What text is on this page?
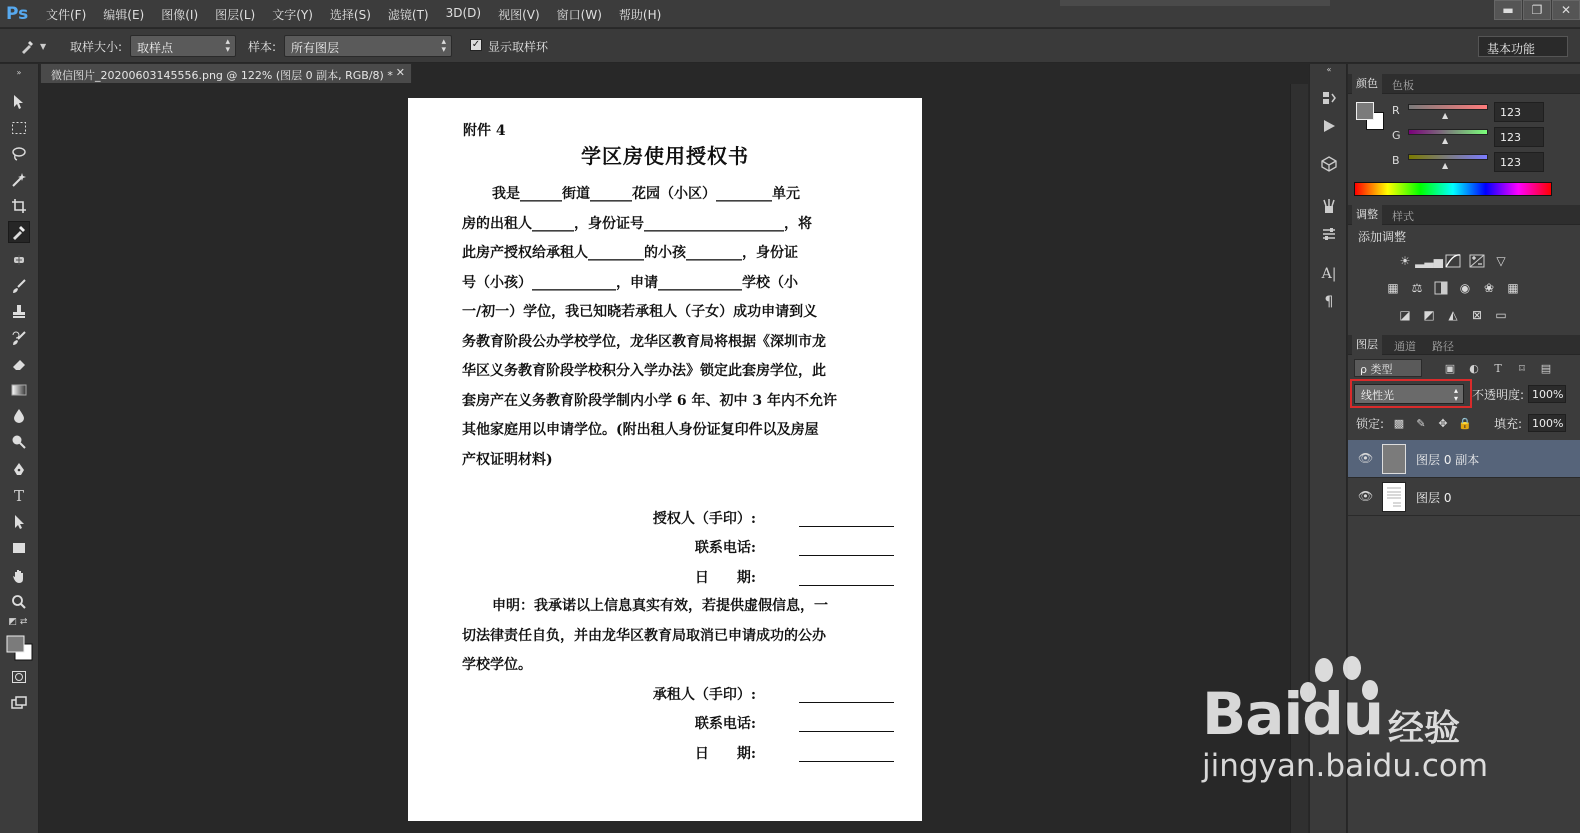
Ps 文件(F) 编辑(E) 图像(I) 图层(L) 文字(Y) 选择(S) 滤镜(T) 3D(D) 视图(V) 窗口(W) 帮助(H)	▬	❐	✕
▼ 取样大小:	取样点	▴
▾ 样本:	所有图层	▴
▾	✓ 显示取样环	基本功能
»
T
◩ ⇄
微信图片_20200603145556.png @ 122% (图层 0 副本, RGB/8) * ✕
附件 4
学区房使用授权书

我是______街道______花园（小区）________单元

房的出租人______，身份证号____________________，将

此房产授权给承租人________的小孩________，身份证

号（小孩）____________，申请____________学校（小

一/初一）学位，我已知晓若承租人（子女）成功申请到义

务教育阶段公办学校学位，龙华区教育局将根据《深圳市龙

华区义务教育阶段学校积分入学办法》锁定此套房学位，此

套房产在义务教育阶段学制内小学 6 年、初中 3 年内不允许

其他家庭用以申请学位。(附出租人身份证复印件以及房屋

产权证明材料)

授权人（手印）:
联系电话:
日　　期:

申明：我承诺以上信息真实有效，若提供虚假信息，一

切法律责任自负，并由龙华区教育局取消已申请成功的公办

学校学位。

承租人（手印）:
联系电话:
日　　期:
«
A|
¶
颜色	色板
R	▲	123
G	▲	123
B	▲	123
调整	样式
添加调整
☀ ▂▃▅	▽
▦	⚖	◉	❀	▦
◪ ◩	◭	⊠	▭
图层	通道 路径
ρ 类型	▣ ◐	T	⌑	▤
线性光	▴
▾ 不透明度: 100%
锁定: ▩ ✎ ✥ 🔒 填充: 100%
👁	图层 0 副本
👁	图层 0
Baidu 经验
jingyan.baidu.com
